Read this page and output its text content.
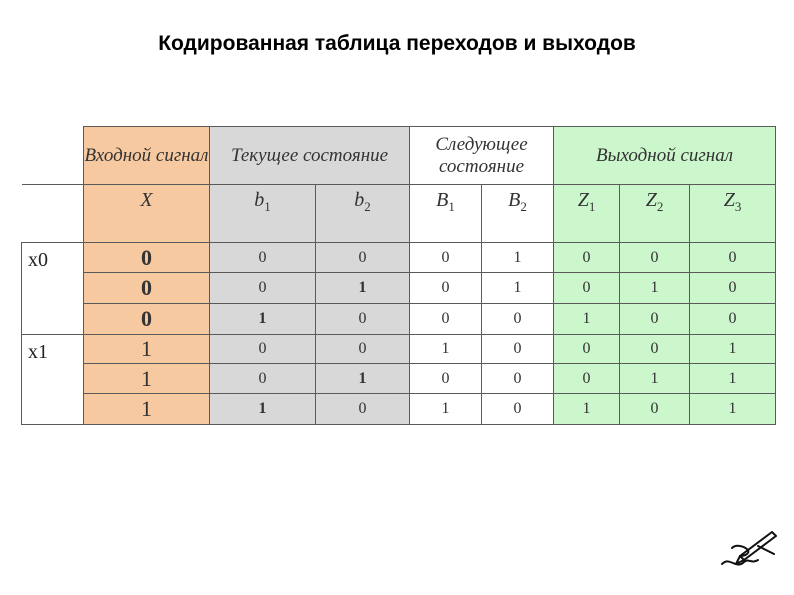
Кодированная таблица переходов и выходов
	Входной сигнал	Текущее состояние		Следующее состояние		Выходной сигнал		
	X	$b_1$	$b_2$	$B_1$	$B_2$	$Z_1$	$Z_2$	$Z_3$
x0	0	0	0	0	1	0	0	0
	0	0	1	0	1	0	1	0
	0	1	0	0	0	1	0	0
x1	1	0	0	1	0	0	0	1
	1	0	1	0	0	0	1	1
	1	1	0	1	0	1	0	1
